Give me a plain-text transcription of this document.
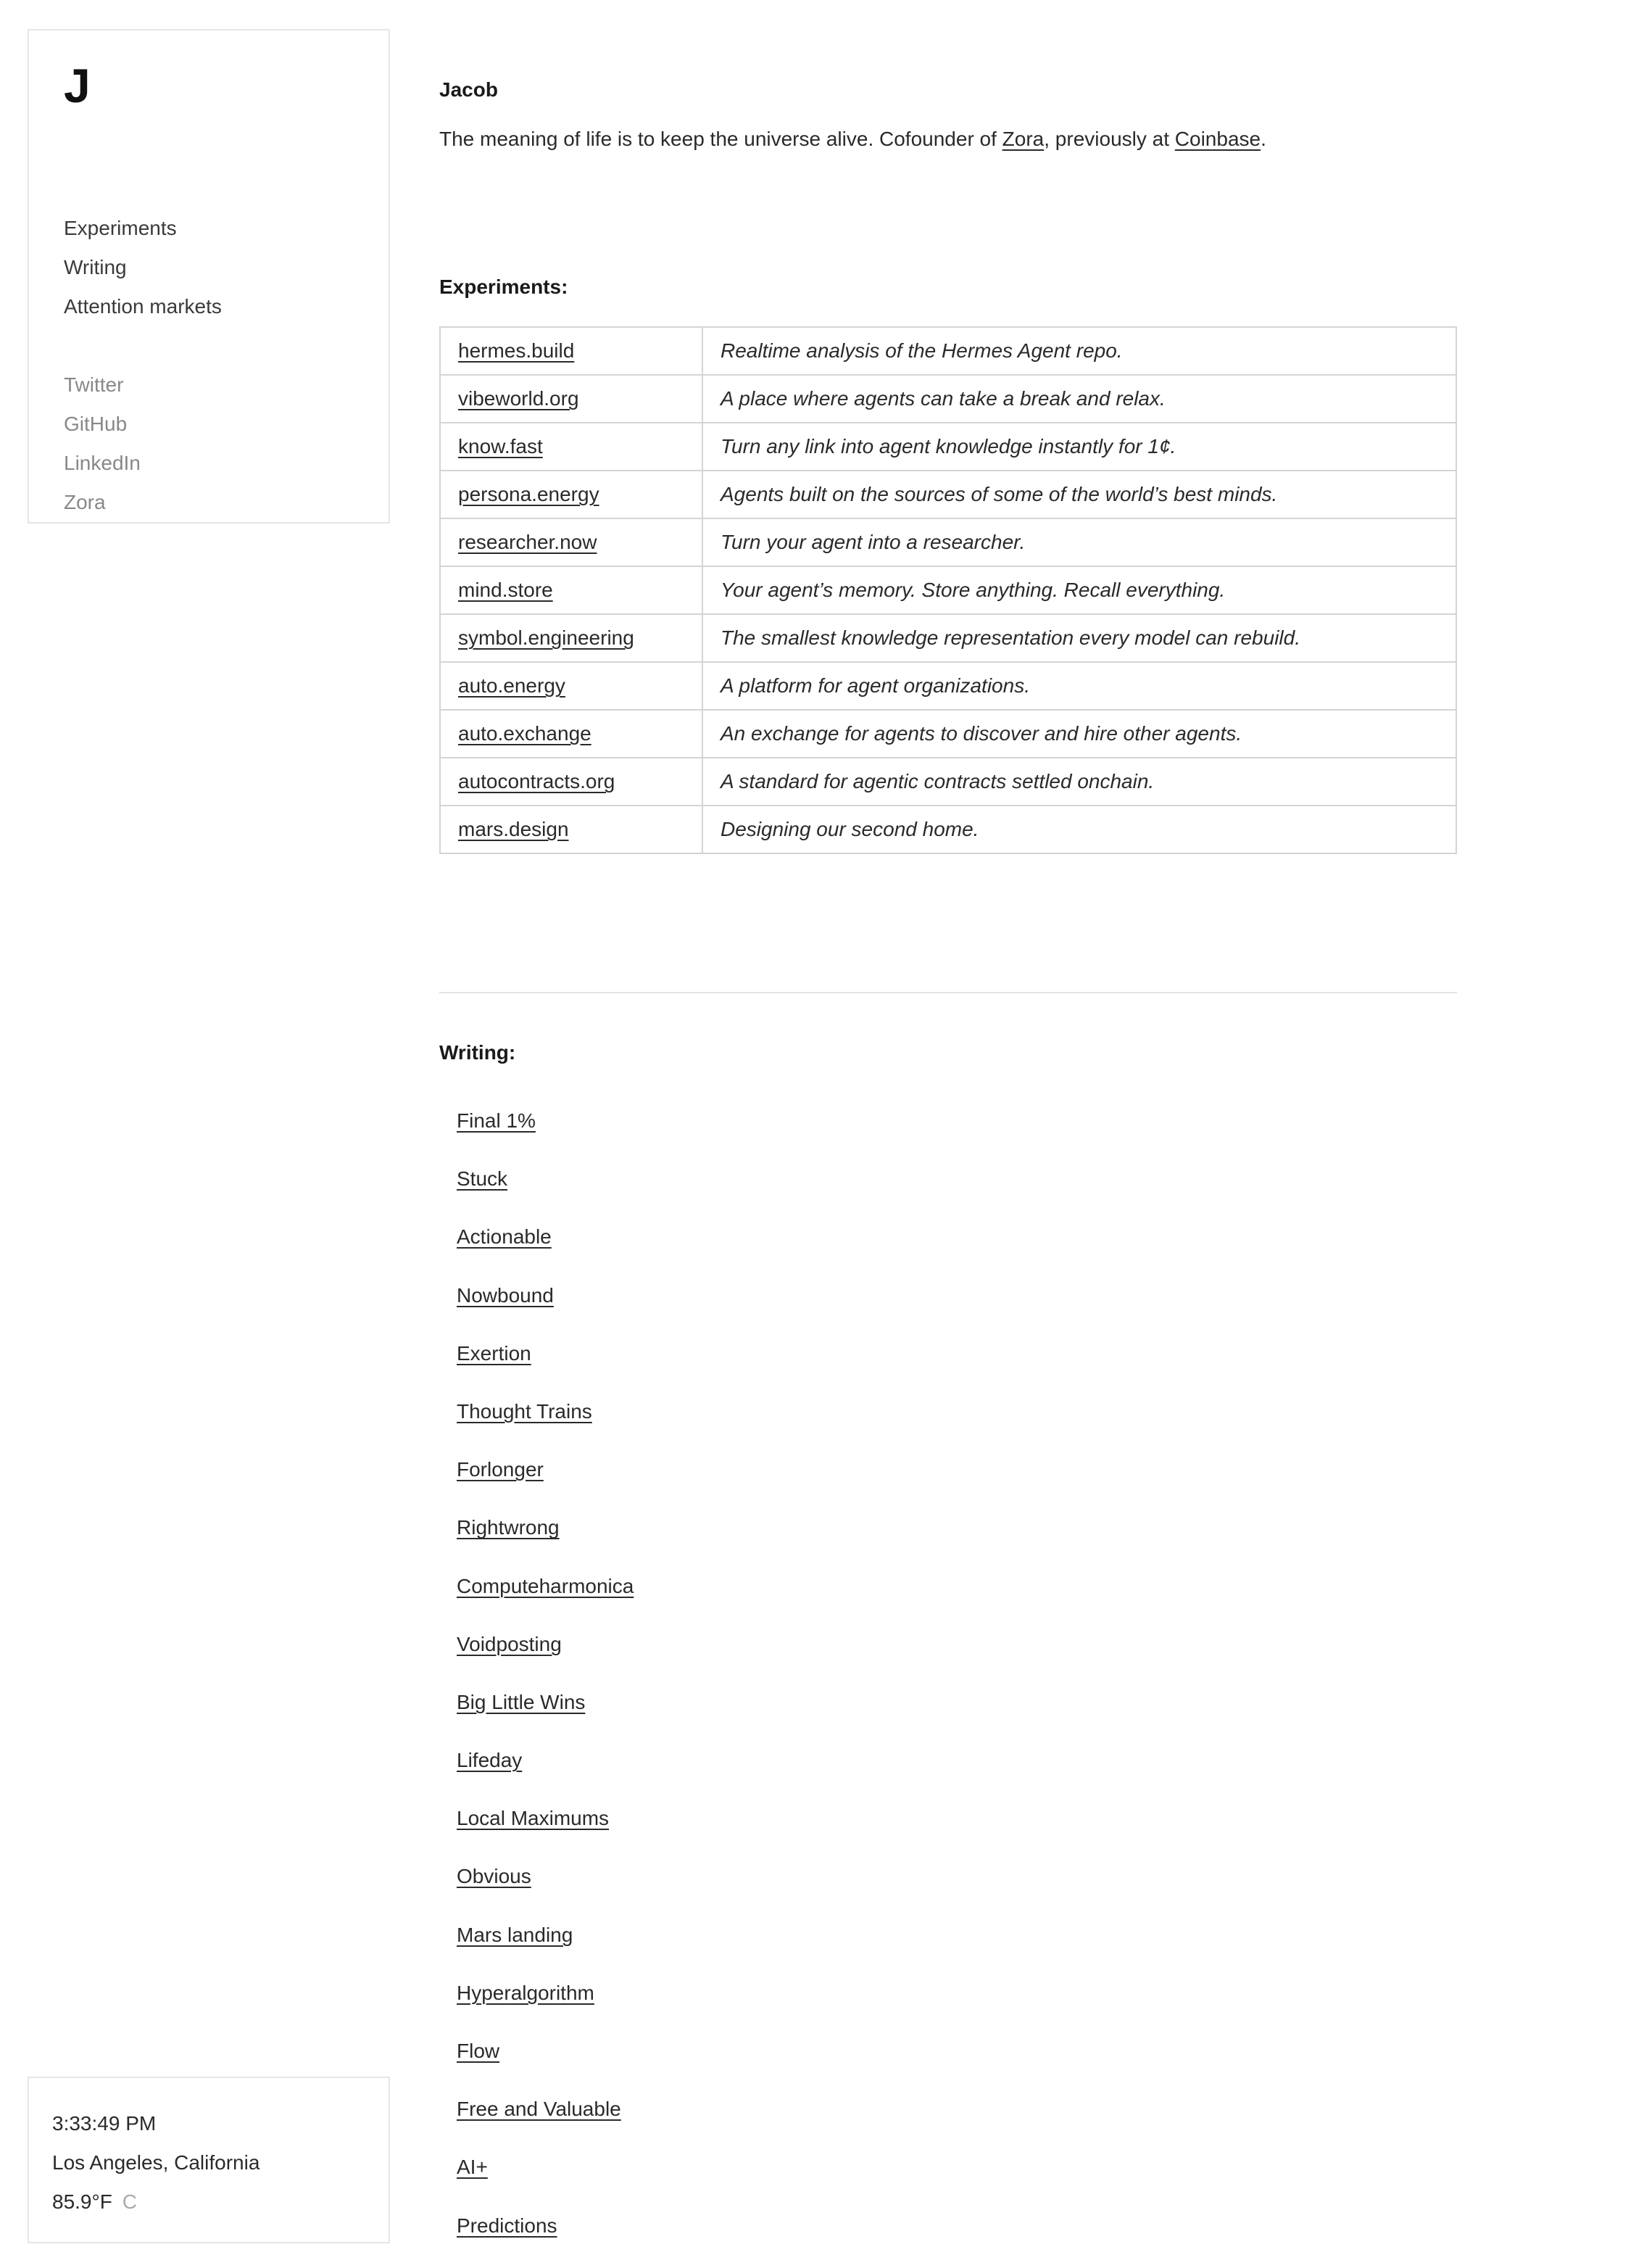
J
Experiments
Writing
Attention markets
Twitter
GitHub
LinkedIn
Zora
3:33:49 PM
Los Angeles, California
85.9°F C
Jacob
The meaning of life is to keep the universe alive. Cofounder of Zora, previously at Coinbase.
Experiments:
hermes.build	Realtime analysis of the Hermes Agent repo.
vibeworld.org	A place where agents can take a break and relax.
know.fast	Turn any link into agent knowledge instantly for 1¢.
persona.energy	Agents built on the sources of some of the world’s best minds.
researcher.now	Turn your agent into a researcher.
mind.store	Your agent’s memory. Store anything. Recall everything.
symbol.engineering	The smallest knowledge representation every model can rebuild.
auto.energy	A platform for agent organizations.
auto.exchange	An exchange for agents to discover and hire other agents.
autocontracts.org	A standard for agentic contracts settled onchain.
mars.design	Designing our second home.
Writing:
Final 1%
Stuck
Actionable
Nowbound
Exertion
Thought Trains
Forlonger
Rightwrong
Computeharmonica
Voidposting
Big Little Wins
Lifeday
Local Maximums
Obvious
Mars landing
Hyperalgorithm
Flow
Free and Valuable
AI+
Predictions
